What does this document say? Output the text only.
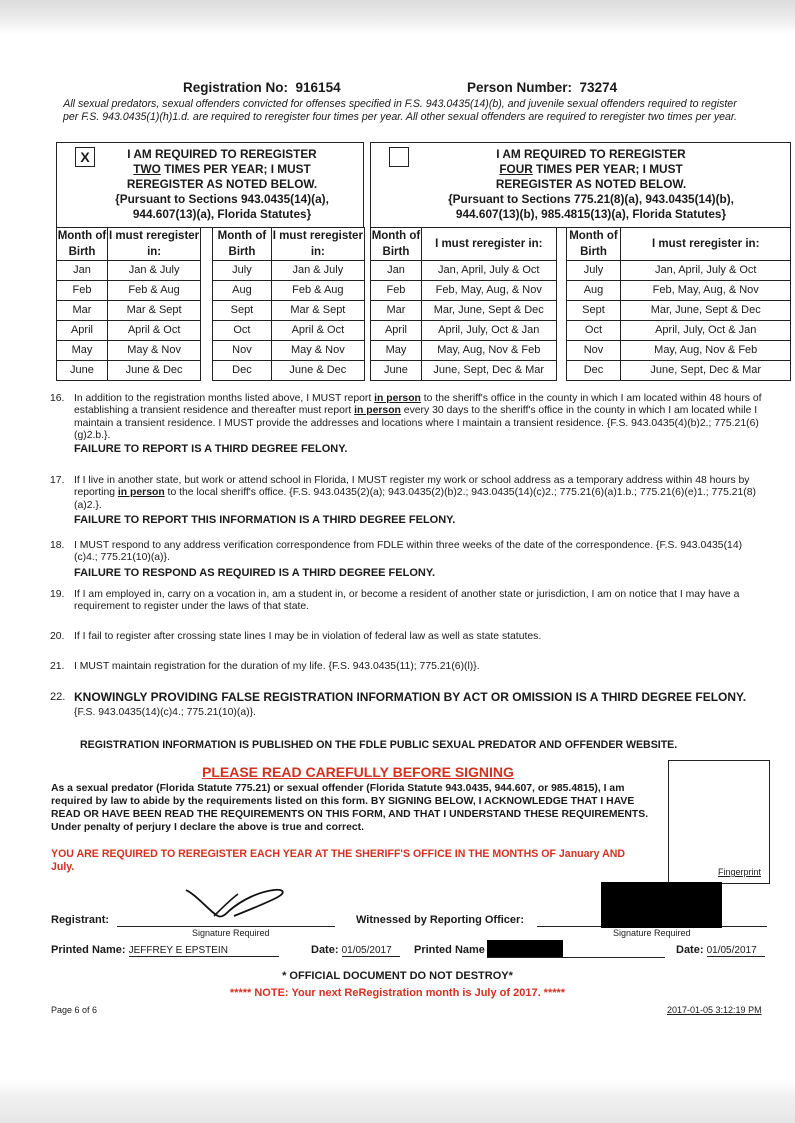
Registration No: 916154	Person Number: 73274
All sexual predators, sexual offenders convicted for offenses specified in F.S. 943.0435(14)(b), and juvenile sexual offenders required to register per F.S. 943.0435(1)(h)1.d. are required to reregister four times per year. All other sexual offenders are required to reregister two times per year.
X	I AM REQUIRED TO REREGISTER
TWO TIMES PER YEAR; I MUST
REREGISTER AS NOTED BELOW.
{Pursuant to Sections 943.0435(14)(a),
944.607(13)(a), Florida Statutes}
Month of Birth	I must reregister in:		Month of Birth	I must reregister in:
Jan	Jan & July		July	Jan & July
Feb	Feb & Aug		Aug	Feb & Aug
Mar	Mar & Sept		Sept	Mar & Sept
April	April & Oct		Oct	April & Oct
May	May & Nov		Nov	May & Nov
June	June & Dec		Dec	June & Dec
I AM REQUIRED TO REREGISTER
FOUR TIMES PER YEAR; I MUST
REREGISTER AS NOTED BELOW.
{Pursuant to Sections 775.21(8)(a), 943.0435(14)(b),
944.607(13)(b), 985.4815(13)(a), Florida Statutes}
Month of Birth	I must reregister in:		Month of Birth	I must reregister in:
Jan	Jan, April, July & Oct		July	Jan, April, July & Oct
Feb	Feb, May, Aug, & Nov		Aug	Feb, May, Aug, & Nov
Mar	Mar, June, Sept & Dec		Sept	Mar, June, Sept & Dec
April	April, July, Oct & Jan		Oct	April, July, Oct & Jan
May	May, Aug, Nov & Feb		Nov	May, Aug, Nov & Feb
June	June, Sept, Dec & Mar		Dec	June, Sept, Dec & Mar
16. In addition to the registration months listed above, I MUST report in person to the sheriff's office in the county in which I am located within 48 hours of establishing a transient residence and thereafter must report in person every 30 days to the sheriff's office in the county in which I am located while I maintain a transient residence. I MUST provide the addresses and locations where I maintain a transient residence. {F.S. 943.0435(4)(b)2.; 775.21(6)(g)2.b.}.
FAILURE TO REPORT IS A THIRD DEGREE FELONY.
17. If I live in another state, but work or attend school in Florida, I MUST register my work or school address as a temporary address within 48 hours by reporting in person to the local sheriff's office. {F.S. 943.0435(2)(a); 943.0435(2)(b)2.; 943.0435(14)(c)2.; 775.21(6)(a)1.b.; 775.21(6)(e)1.; 775.21(8)(a)2.}.
FAILURE TO REPORT THIS INFORMATION IS A THIRD DEGREE FELONY.
18. I MUST respond to any address verification correspondence from FDLE within three weeks of the date of the correspondence. {F.S. 943.0435(14)(c)4.; 775.21(10)(a)}.
FAILURE TO RESPOND AS REQUIRED IS A THIRD DEGREE FELONY.
19. If I am employed in, carry on a vocation in, am a student in, or become a resident of another state or jurisdiction, I am on notice that I may have a requirement to register under the laws of that state.
20. If I fail to register after crossing state lines I may be in violation of federal law as well as state statutes.
21. I MUST maintain registration for the duration of my life. {F.S. 943.0435(11); 775.21(6)(l)}.
22. KNOWINGLY PROVIDING FALSE REGISTRATION INFORMATION BY ACT OR OMISSION IS A THIRD DEGREE FELONY.{F.S. 943.0435(14)(c)4.; 775.21(10)(a)}.
REGISTRATION INFORMATION IS PUBLISHED ON THE FDLE PUBLIC SEXUAL PREDATOR AND OFFENDER WEBSITE.
PLEASE READ CAREFULLY BEFORE SIGNING
As a sexual predator (Florida Statute 775.21) or sexual offender (Florida Statute 943.0435, 944.607, or 985.4815), I am required by law to abide by the requirements listed on this form. BY SIGNING BELOW, I ACKNOWLEDGE THAT I HAVE READ OR HAVE BEEN READ THE REQUIREMENTS ON THIS FORM, AND THAT I UNDERSTAND THESE REQUIREMENTS. Under penalty of perjury I declare the above is true and correct.
YOU ARE REQUIRED TO REREGISTER EACH YEAR AT THE SHERIFF'S OFFICE IN THE MONTHS OF January AND July.	Fingerprint
Registrant:
Signature Required
Witnessed by Reporting Officer:
Signature Required
Printed Name: JEFFREY E EPSTEIN	Date: 01/05/2017	Printed Name	Date: 01/05/2017
* OFFICIAL DOCUMENT DO NOT DESTROY*
***** NOTE: Your next ReRegistration month is July of 2017. *****
Page 6 of 6	2017-01-05 3:12:19 PM
